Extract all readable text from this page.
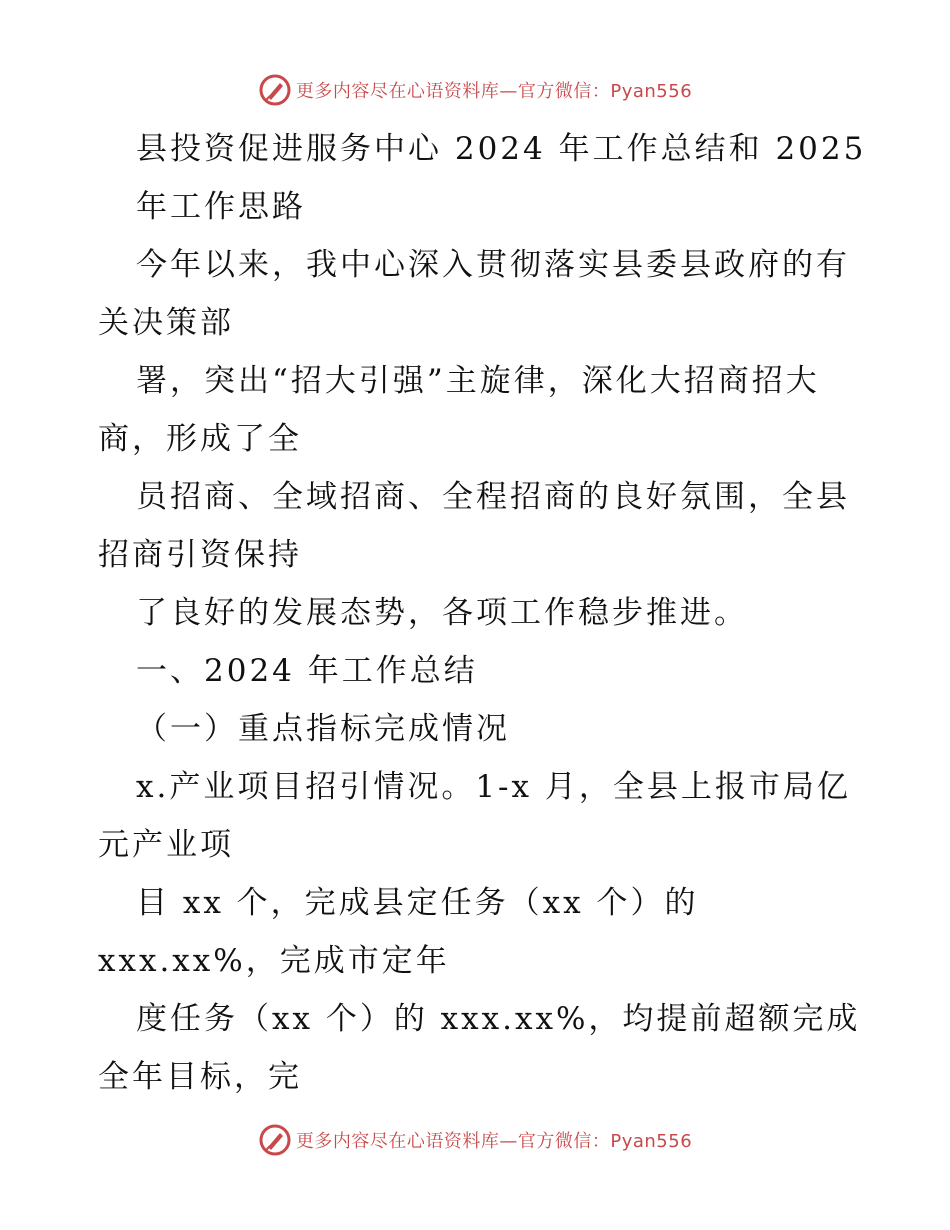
更多内容尽在心语资料库—官方微信：Pyan556
县投资促进服务中心 2024 年工作总结和 2025
年工作思路
今年以来，我中心深入贯彻落实县委县政府的有
关决策部
署，突出“招大引强”主旋律，深化大招商招大
商，形成了全
员招商、全域招商、全程招商的良好氛围，全县
招商引资保持
了良好的发展态势，各项工作稳步推进。
一、2024 年工作总结
（一）重点指标完成情况
x.产业项目招引情况。1-x 月，全县上报市局亿
元产业项
目 xx 个，完成县定任务（xx 个）的
xxx.xx%，完成市定年
度任务（xx 个）的 xxx.xx%，均提前超额完成
全年目标，完
更多内容尽在心语资料库—官方微信：Pyan556
